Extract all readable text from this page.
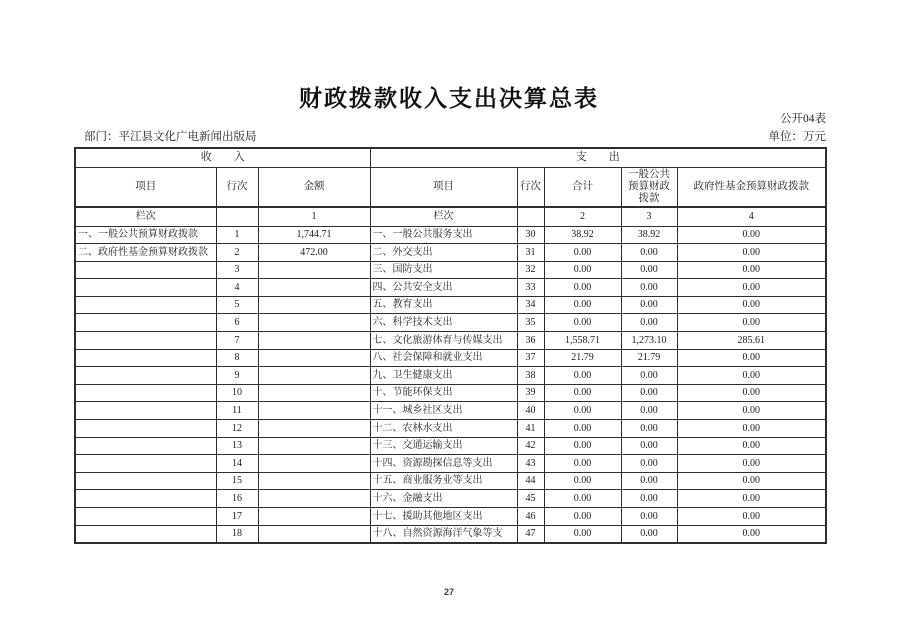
财政拨款收入支出决算总表
公开04表
部门：平江县文化广电新闻出版局	单位：万元
收　　入			支　　出				
项目	行次	金额	项目	行次	合计	一般公共预算财政拨款	政府性基金预算财政拨款
栏次		1	栏次		2	3	4
一、一般公共预算财政拨款	1	1,744.71	一、一般公共服务支出	30	38.92	38.92	0.00
二、政府性基金预算财政拨款	2	472.00	二、外交支出	31	0.00	0.00	0.00
	3		三、国防支出	32	0.00	0.00	0.00
	4		四、公共安全支出	33	0.00	0.00	0.00
	5		五、教育支出	34	0.00	0.00	0.00
	6		六、科学技术支出	35	0.00	0.00	0.00
	7		七、文化旅游体育与传媒支出	36	1,558.71	1,273.10	285.61
	8		八、社会保障和就业支出	37	21.79	21.79	0.00
	9		九、卫生健康支出	38	0.00	0.00	0.00
	10		十、节能环保支出	39	0.00	0.00	0.00
	11		十一、城乡社区支出	40	0.00	0.00	0.00
	12		十二、农林水支出	41	0.00	0.00	0.00
	13		十三、交通运输支出	42	0.00	0.00	0.00
	14		十四、资源勘探信息等支出	43	0.00	0.00	0.00
	15		十五、商业服务业等支出	44	0.00	0.00	0.00
	16		十六、金融支出	45	0.00	0.00	0.00
	17		十七、援助其他地区支出	46	0.00	0.00	0.00
	18		十八、自然资源海洋气象等支	47	0.00	0.00	0.00
27
